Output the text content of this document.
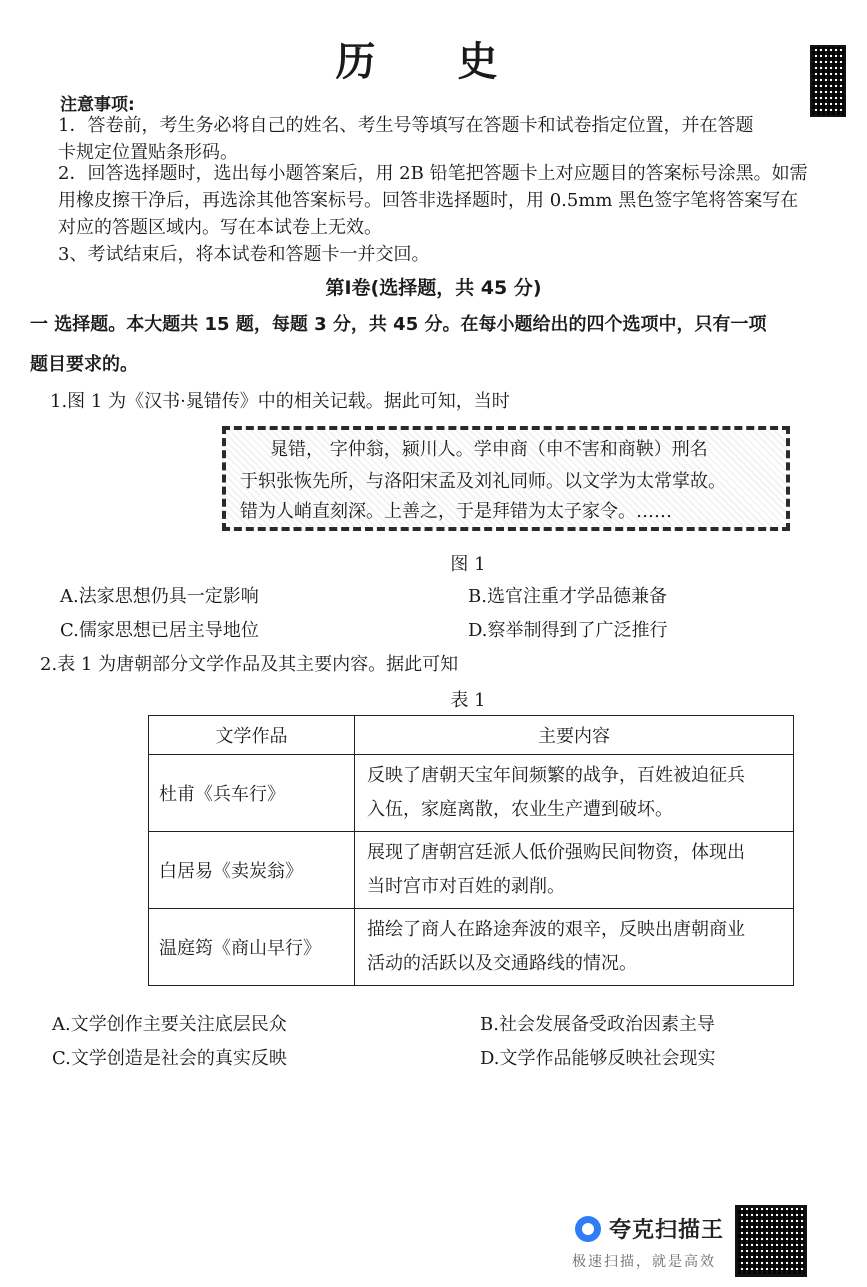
历 史
注意事项:
1．答卷前，考生务必将自己的姓名、考生号等填写在答题卡和试卷指定位置，并在答题
卡规定位置贴条形码。
2．回答选择题时，选出每小题答案后，用 2B 铅笔把答题卡上对应题目的答案标号涂黑。如需
用橡皮擦干净后，再选涂其他答案标号。回答非选择题时，用 0.5mm 黑色签字笔将答案写在
对应的答题区域内。写在本试卷上无效。
3、考试结束后，将本试卷和答题卡一并交回。
第Ⅰ卷(选择题，共 45 分)
一 选择题。本大题共 15 题，每题 3 分，共 45 分。在每小题给出的四个选项中，只有一项
题目要求的。
1.图 1 为《汉书·晁错传》中的相关记载。据此可知，当时
晁错， 字仲翁，颍川人。学申商（申不害和商鞅）刑名
于轵张恢先所，与洛阳宋孟及刘礼同师。以文学为太常掌故。
错为人峭直刻深。上善之，于是拜错为太子家令。……
图 1
A.法家思想仍具一定影响	B.选官注重才学品德兼备
C.儒家思想已居主导地位	D.察举制得到了广泛推行
2.表 1 为唐朝部分文学作品及其主要内容。据此可知
表 1
文学作品	主要内容
杜甫《兵车行》	反映了唐朝天宝年间频繁的战争，百姓被迫征兵
入伍，家庭离散，农业生产遭到破坏。

白居易《卖炭翁》	展现了唐朝宫廷派人低价强购民间物资，体现出
当时宫市对百姓的剥削。

温庭筠《商山早行》	描绘了商人在路途奔波的艰辛，反映出唐朝商业
活动的活跃以及交通路线的情况。
A.文学创作主要关注底层民众	B.社会发展备受政治因素主导
C.文学创造是社会的真实反映	D.文学作品能够反映社会现实
夸克扫描王
极速扫描，就是高效
